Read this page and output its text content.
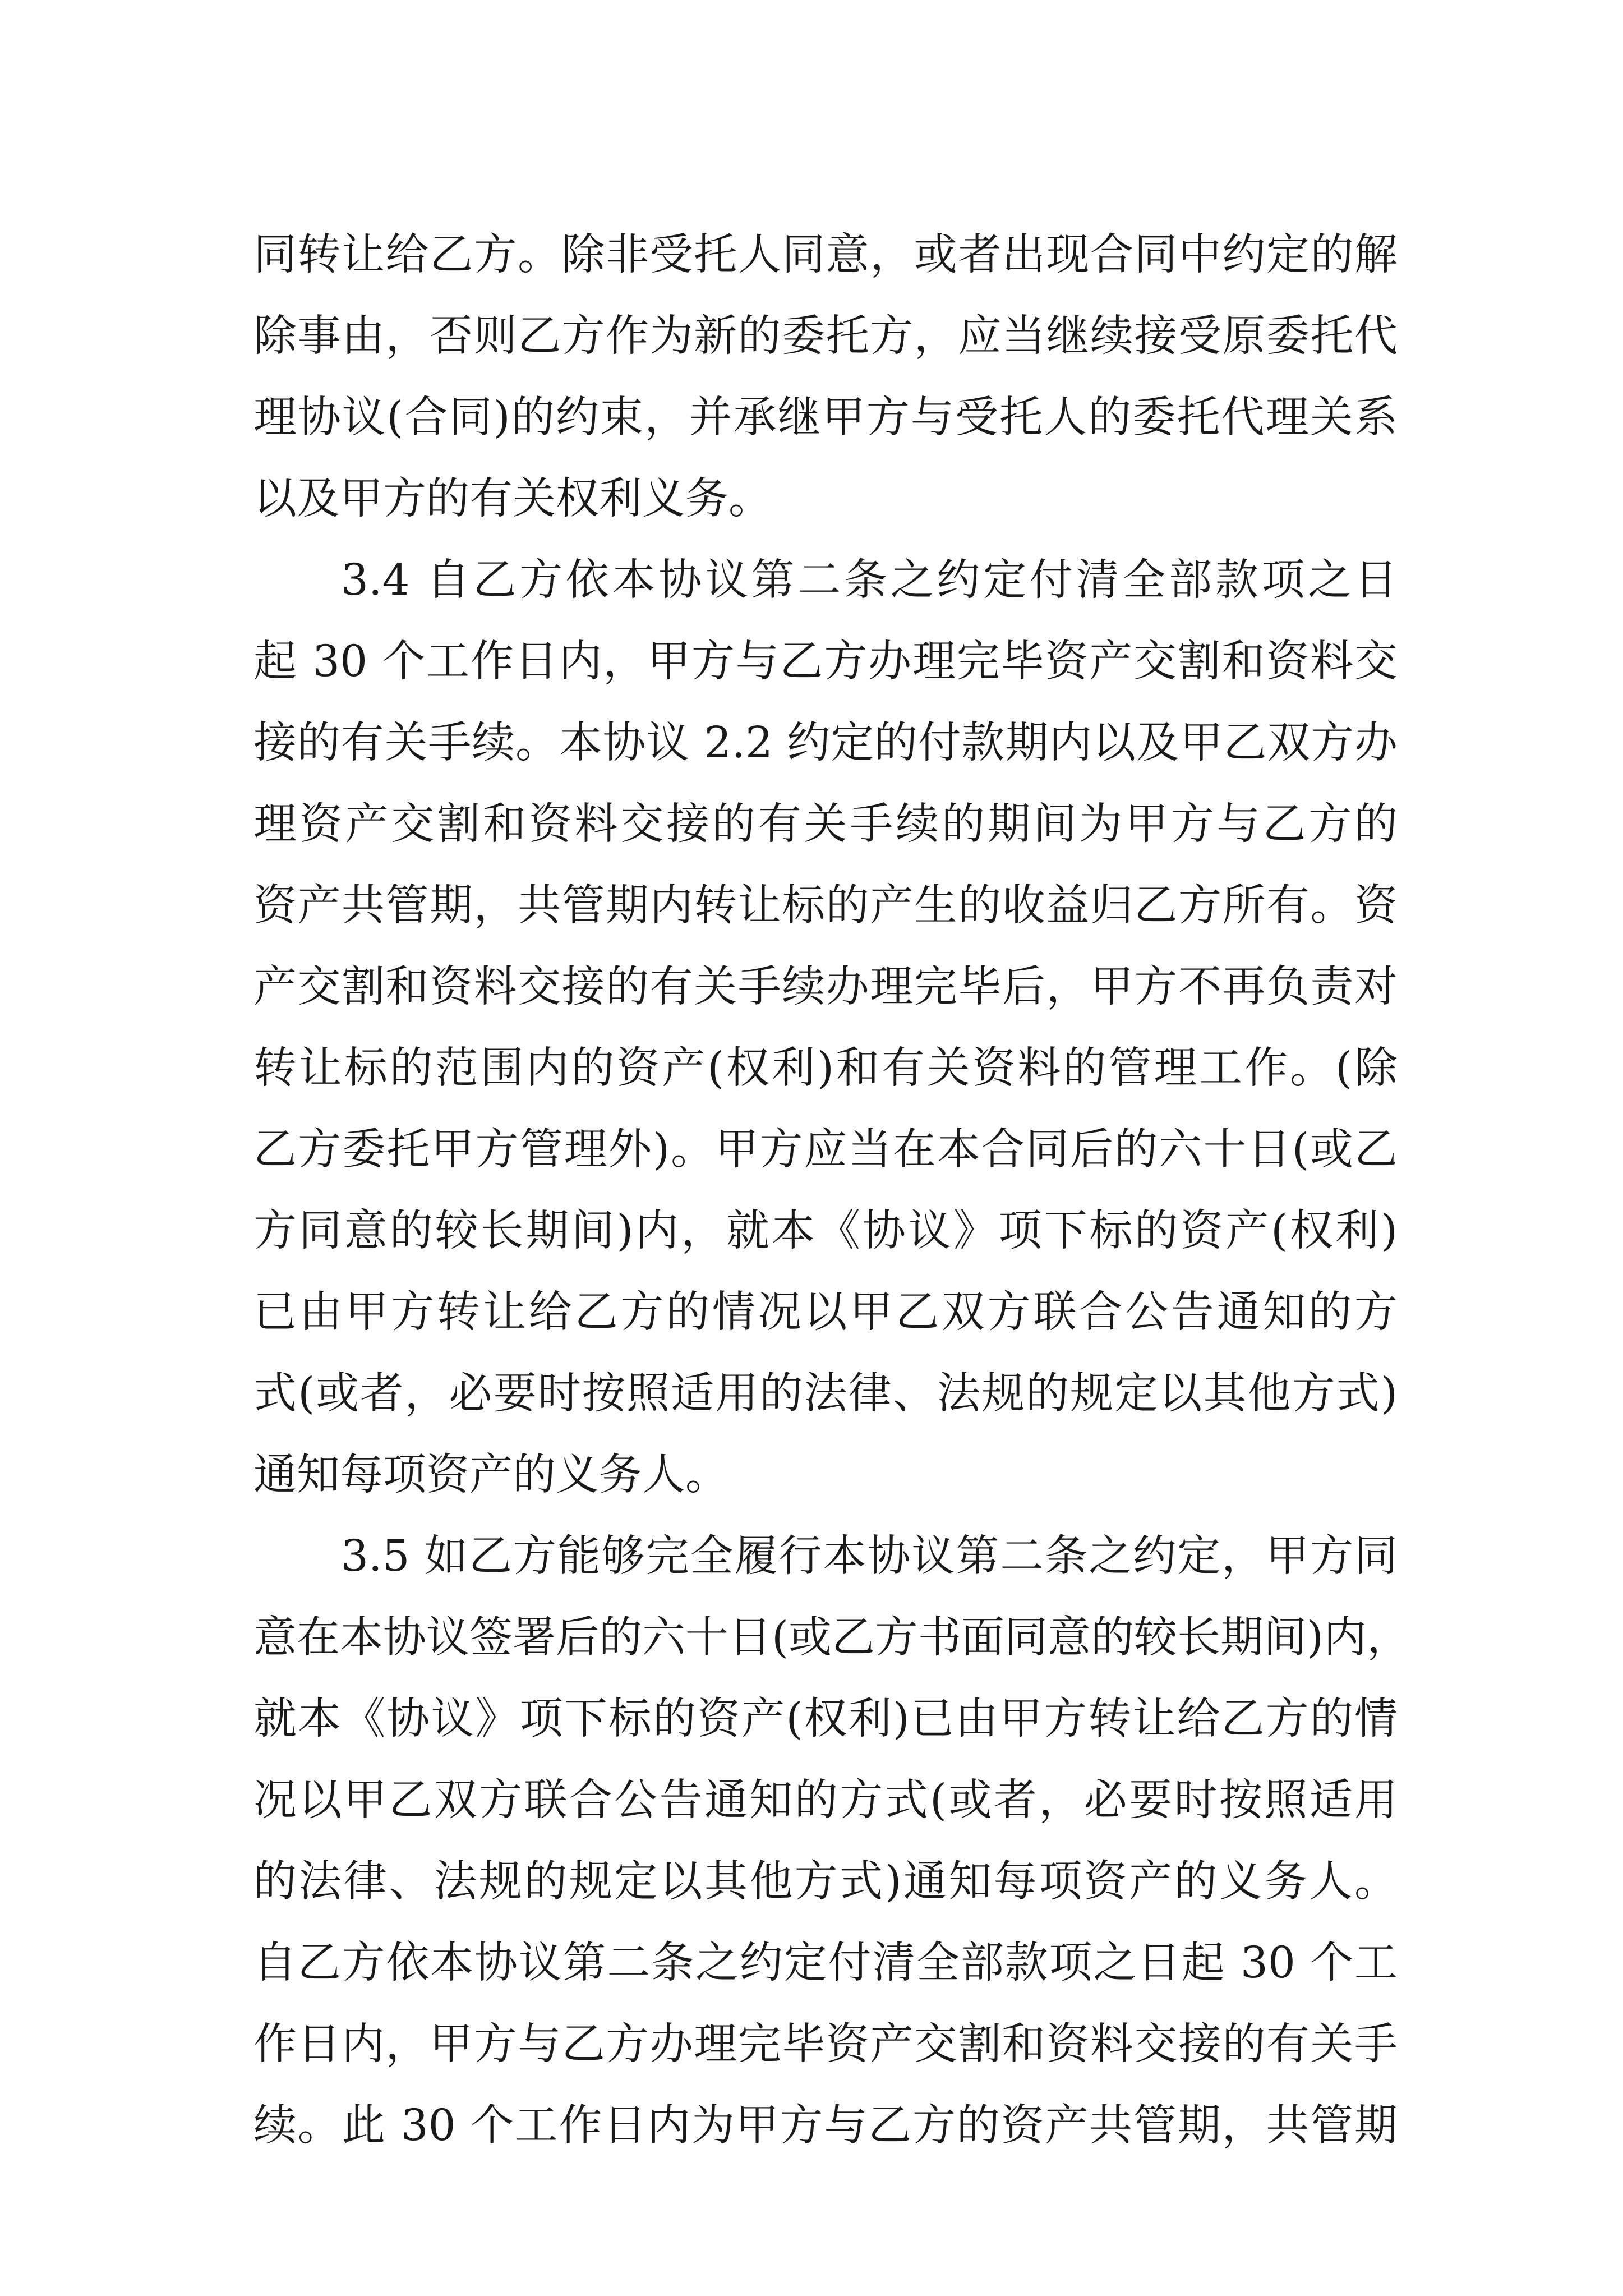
同转让给乙方。除非受托人同意，或者出现合同中约定的解
除事由，否则乙方作为新的委托方，应当继续接受原委托代
理协议(合同)的约束，并承继甲方与受托人的委托代理关系
以及甲方的有关权利义务。
3.4 自乙方依本协议第二条之约定付清全部款项之日
起 30 个工作日内，甲方与乙方办理完毕资产交割和资料交
接的有关手续。本协议 2.2 约定的付款期内以及甲乙双方办
理资产交割和资料交接的有关手续的期间为甲方与乙方的
资产共管期，共管期内转让标的产生的收益归乙方所有。资
产交割和资料交接的有关手续办理完毕后，甲方不再负责对
转让标的范围内的资产(权利)和有关资料的管理工作。(除
乙方委托甲方管理外)。甲方应当在本合同后的六十日(或乙
方同意的较长期间)内，就本《协议》项下标的资产(权利)
已由甲方转让给乙方的情况以甲乙双方联合公告通知的方
式(或者，必要时按照适用的法律、法规的规定以其他方式)
通知每项资产的义务人。
3.5 如乙方能够完全履行本协议第二条之约定，甲方同
意在本协议签署后的六十日(或乙方书面同意的较长期间)内，
就本《协议》项下标的资产(权利)已由甲方转让给乙方的情
况以甲乙双方联合公告通知的方式(或者，必要时按照适用
的法律、法规的规定以其他方式)通知每项资产的义务人。
自乙方依本协议第二条之约定付清全部款项之日起 30 个工
作日内，甲方与乙方办理完毕资产交割和资料交接的有关手
续。此 30 个工作日内为甲方与乙方的资产共管期，共管期
